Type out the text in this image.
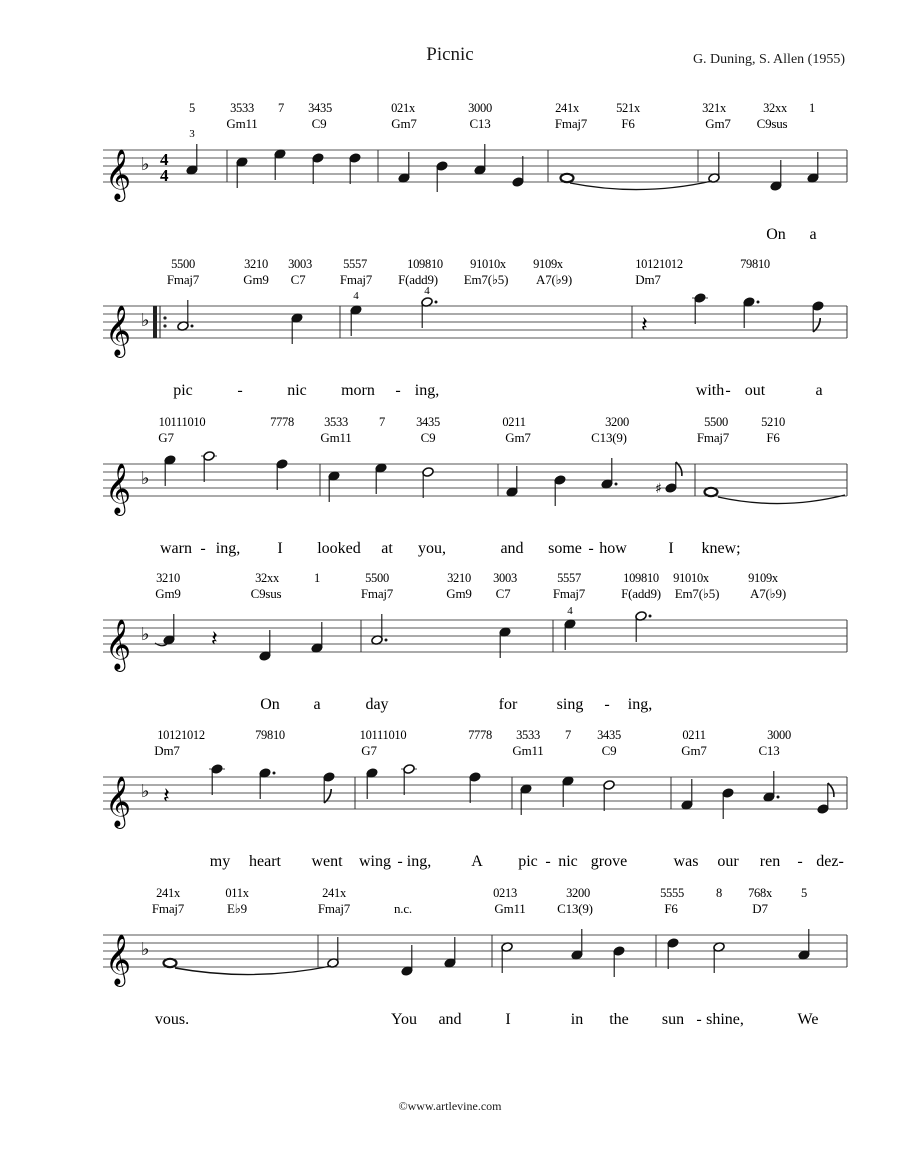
Picnic	G. Duning, S. Allen (1955)
𝄞 ♭ 4
4
5	3533 7 3435	021x	3000	241x	521x	321x	32xx 1
Gm11	C9	Gm7	C13	Fmaj7	F6	Gm7 C9sus
3
On a
𝄞 ♭
5500	3210 3003 5557	109810 91010x 9109x	10121012	79810
Fmaj7	Gm9 C7	Fmaj7 F(add9) Em7(♭5) A7(♭9)	Dm7
4	4
𝄽
pic	-	nic morn - ing,	with - out	a
𝄞 ♭
10111010	7778 3533 7 3435	0211	3200	5500	5210
G7	Gm11	C9	Gm7	C13(9)	Fmaj7	F6
♯
warn - ing, I looked at you,	and some - how	I knew;
𝄞 ♭
3210	32xx	1	5500	3210 3003	5557	109810 91010x	9109x
Gm9	C9sus	Fmaj7	Gm9 C7	Fmaj7	F(add9) Em7(♭5) A7(♭9)
4
𝄽
On a	day	for sing - ing,
𝄞 ♭
10121012	79810	10111010	7778 3533 7 3435	0211	3000
Dm7	G7	Gm11	C9	Gm7	C13
𝄽
my heart went wing - ing, A pic - nic grove	was our ren - dez-
𝄞 ♭
241x	011x	241x	0213	3200	5555	8 768x 5
Fmaj7	E♭9	Fmaj7	n.c.	Gm11 C13(9)	F6	D7
vous.	You and	I	in the sun - shine,	We
©www.artlevine.com
